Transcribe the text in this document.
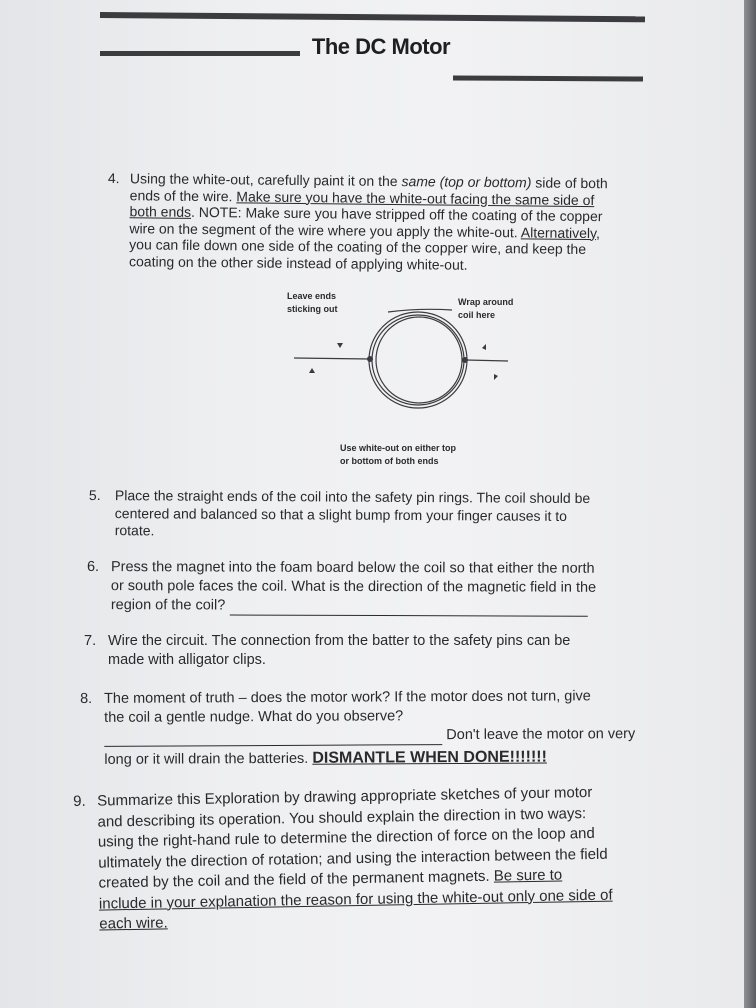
The DC Motor
4. Using the white-out, carefully paint it on the same (top or bottom) side of both
ends of the wire. Make sure you have the white-out facing the same side of
both ends. NOTE: Make sure you have stripped off the coating of the copper
wire on the segment of the wire where you apply the white-out. Alternatively,
you can file down one side of the coating of the copper wire, and keep the
coating on the other side instead of applying white-out.
Leave ends
sticking out
Wrap around
coil here
Use white-out on either top
or bottom of both ends
5. Place the straight ends of the coil into the safety pin rings. The coil should be
centered and balanced so that a slight bump from your finger causes it to
rotate.
6. Press the magnet into the foam board below the coil so that either the north
or south pole faces the coil. What is the direction of the magnetic field in the
region of the coil?
7. Wire the circuit. The connection from the batter to the safety pins can be
made with alligator clips.
8. The moment of truth – does the motor work? If the motor does not turn, give
the coil a gentle nudge. What do you observe?
Don't leave the motor on very
long or it will drain the batteries. DISMANTLE WHEN DONE!!!!!!!
9. Summarize this Exploration by drawing appropriate sketches of your motor
and describing its operation. You should explain the direction in two ways:
using the right-hand rule to determine the direction of force on the loop and
ultimately the direction of rotation; and using the interaction between the field
created by the coil and the field of the permanent magnets. Be sure to
include in your explanation the reason for using the white-out only one side of
each wire.
